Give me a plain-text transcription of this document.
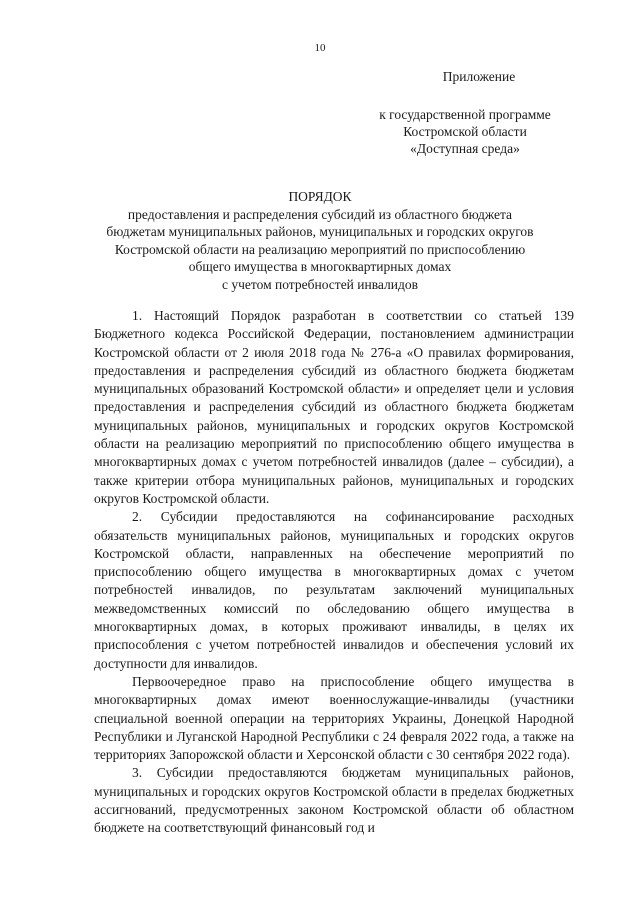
10
Приложение
к государственной программе
Костромской области
«Доступная среда»
ПОРЯДОК
предоставления и распределения субсидий из областного бюджета
бюджетам муниципальных районов, муниципальных и городских округов
Костромской области на реализацию мероприятий по приспособлению
общего имущества в многоквартирных домах
с учетом потребностей инвалидов

1. Настоящий Порядок разработан в соответствии со статьей 139 Бюджетного кодекса Российской Федерации, постановлением администрации Костромской области от 2 июля 2018 года № 276-а «О правилах формирования, предоставления и распределения субсидий из областного бюджета бюджетам муниципальных образований Костромской области» и определяет цели и условия предоставления и распределения субсидий из областного бюджета бюджетам муниципальных районов, муниципальных и городских округов Костромской области на реализацию мероприятий по приспособлению общего имущества в многоквартирных домах с учетом потребностей инвалидов (далее – субсидии), а также критерии отбора муниципальных районов, муниципальных и городских округов Костромской области.

2. Субсидии предоставляются на софинансирование расходных обязательств муниципальных районов, муниципальных и городских округов Костромской области, направленных на обеспечение мероприятий по приспособлению общего имущества в многоквартирных домах с учетом потребностей инвалидов, по результатам заключений муниципальных межведомственных комиссий по обследованию общего имущества в многоквартирных домах, в которых проживают инвалиды, в целях их приспособления с учетом потребностей инвалидов и обеспечения условий их доступности для инвалидов.

Первоочередное право на приспособление общего имущества в многоквартирных домах имеют военнослужащие-инвалиды (участники специальной военной операции на территориях Украины, Донецкой Народной Республики и Луганской Народной Республики с 24 февраля 2022 года, а также на территориях Запорожской области и Херсонской области с 30 сентября 2022 года).

3. Субсидии предоставляются бюджетам муниципальных районов, муниципальных и городских округов Костромской области в пределах бюджетных ассигнований, предусмотренных законом Костромской области об областном бюджете на соответствующий финансовый год и
